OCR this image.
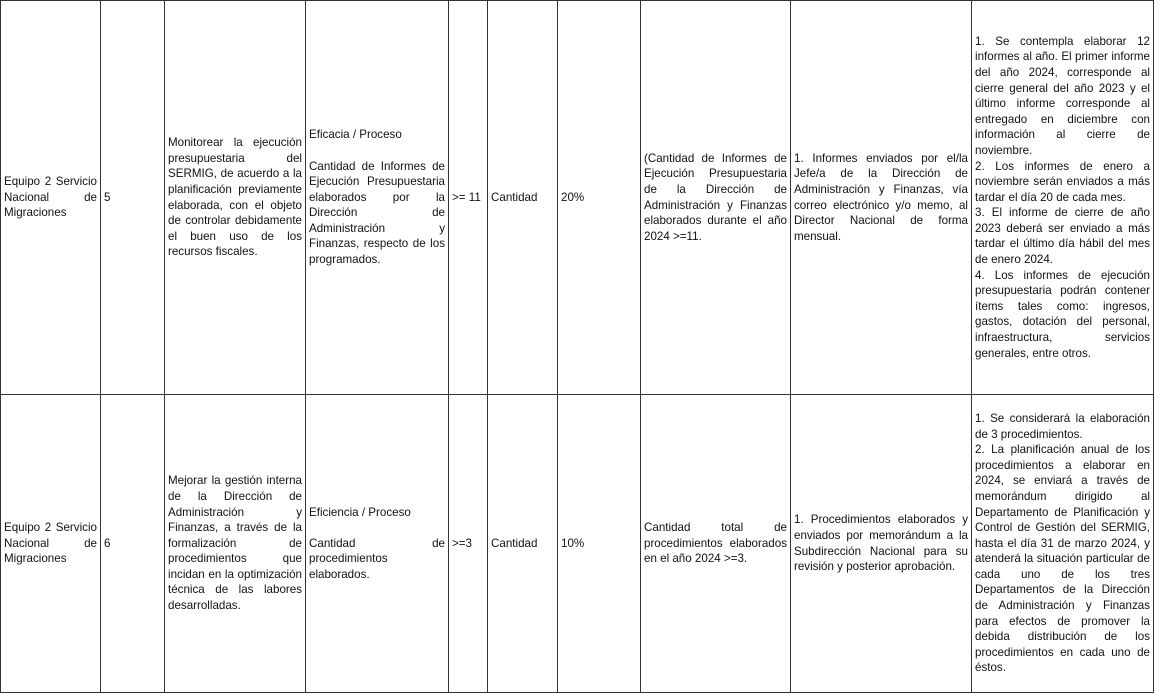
Equipo 2 Servicio Nacional de Migraciones	5	Monitorear la ejecución presupuestaria del SERMIG, de acuerdo a la planificación previamente elaborada, con el objeto de controlar debidamente el buen uso de los recursos fiscales.	Eficacia / Proceso
Cantidad de Informes de Ejecución Presupuestaria elaborados por la Dirección de Administración y Finanzas, respecto de los programados.	>= 11	Cantidad	20%	(Cantidad de Informes de Ejecución Presupuestaria de la Dirección de Administración y Finanzas elaborados durante el año 2024 >=11.	1. Informes enviados por el/la Jefe/a de la Dirección de Administración y Finanzas, vía correo electrónico y/o memo, al Director Nacional de forma mensual.	1. Se contempla elaborar 12 informes al año. El primer informe del año 2024, corresponde al cierre general del año 2023 y el último informe corresponde al entregado en diciembre con información al cierre de noviembre.
2. Los informes de enero a noviembre serán enviados a más tardar el día 20 de cada mes.
3. El informe de cierre de año 2023 deberá ser enviado a más tardar el último día hábil del mes de enero 2024.
4. Los informes de ejecución presupuestaria podrán contener ítems tales como: ingresos, gastos, dotación del personal, infraestructura, servicios generales, entre otros.

Equipo 2 Servicio Nacional de Migraciones	6	Mejorar la gestión interna de la Dirección de Administración y Finanzas, a través de la formalización de procedimientos que incidan en la optimización técnica de las labores desarrolladas.	Eficiencia / Proceso
Cantidad de procedimientos elaborados.	>=3	Cantidad	10%	Cantidad total de procedimientos elaborados en el año 2024 >=3.	1. Procedimientos elaborados y enviados por memorándum a la Subdirección Nacional para su revisión y posterior aprobación.	1. Se considerará la elaboración de 3 procedimientos.
2. La planificación anual de los procedimientos a elaborar en 2024, se enviará a través de memorándum dirigido al Departamento de Planificación y Control de Gestión del SERMIG, hasta el día 31 de marzo 2024, y atenderá la situación particular de cada uno de los tres Departamentos de la Dirección de Administración y Finanzas para efectos de promover la debida distribución de los procedimientos en cada uno de éstos.
